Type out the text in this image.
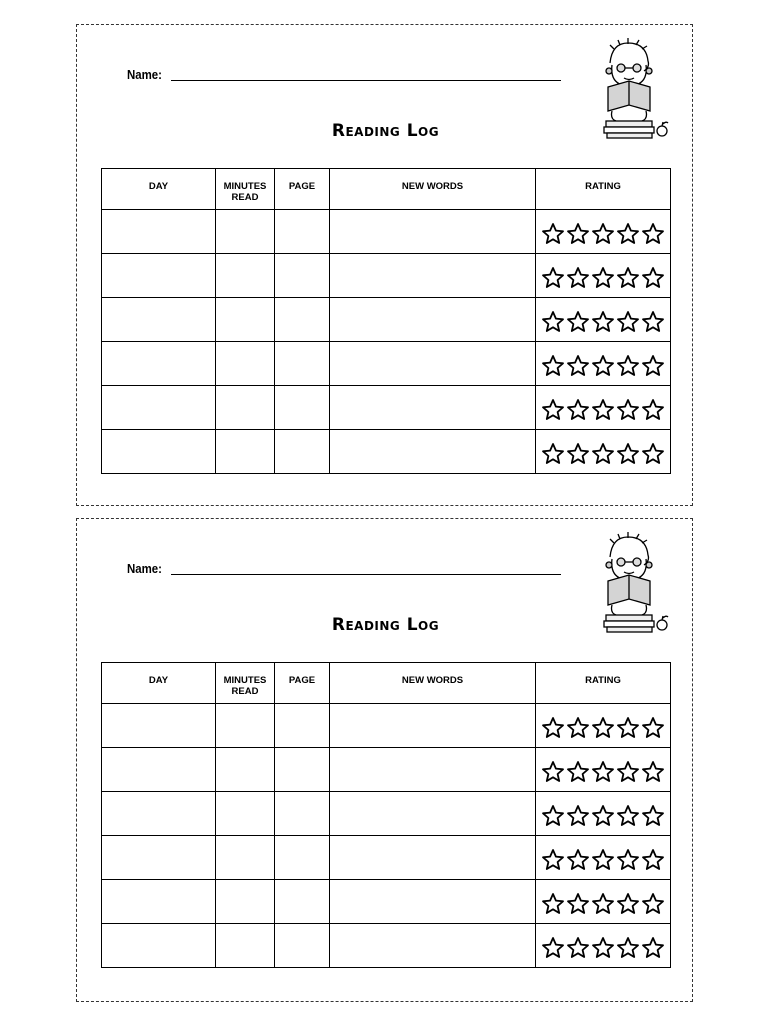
Name:
Reading Log
DAY	MINUTES READ	PAGE	NEW WORDS	RATING

Name:
Reading Log
DAY	MINUTES READ	PAGE	NEW WORDS	RATING
